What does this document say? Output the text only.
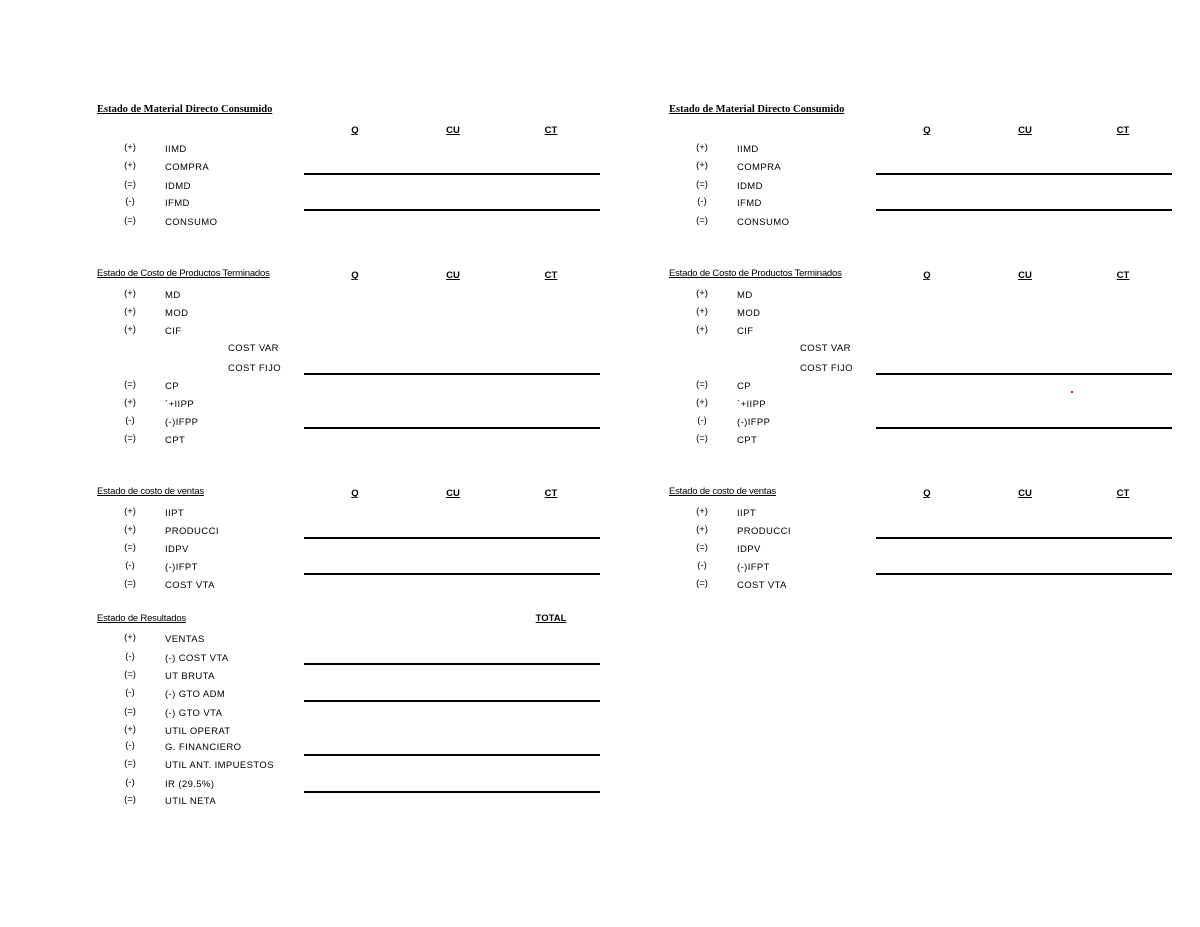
Estado de Material Directo Consumido
Q	CU	CT
(+)	IIMD
(+)	COMPRA
(=)	IDMD
(-)	IFMD
(=)	CONSUMO
Estado de Material Directo Consumido
Q	CU	CT
(+)	IIMD
(+)	COMPRA
(=)	IDMD
(-)	IFMD
(=)	CONSUMO
Estado de Costo de Productos Terminados	Q	CU	CT
(+)	MD
(+)	MOD
(+)	CIF
COST VAR
COST FIJO
(=)	CP
(+)	´+IIPP
(-)	(-)IFPP
(=)	CPT
Estado de Costo de Productos Terminados	Q	CU	CT
(+)	MD
(+)	MOD
(+)	CIF
COST VAR
COST FIJO
(=)	CP
(+)	´+IIPP
(-)	(-)IFPP
(=)	CPT
Estado de costo de ventas	Q	CU	CT
(+)	IIPT
(+)	PRODUCCI
(=)	IDPV
(-)	(-)IFPT
(=)	COST VTA
Estado de costo de ventas	Q	CU	CT
(+)	IIPT
(+)	PRODUCCI
(=)	IDPV
(-)	(-)IFPT
(=)	COST VTA
Estado de Resultados	TOTAL
(+)	VENTAS
(-)	(-) COST VTA
(=)	UT BRUTA
(-)	(-) GTO ADM
(=)	(-) GTO VTA
(+)	UTIL OPERAT
(-)	G. FINANCIERO
(=)	UTIL ANT. IMPUESTOS
(-)	IR (29.5%)
(=)	UTIL NETA
